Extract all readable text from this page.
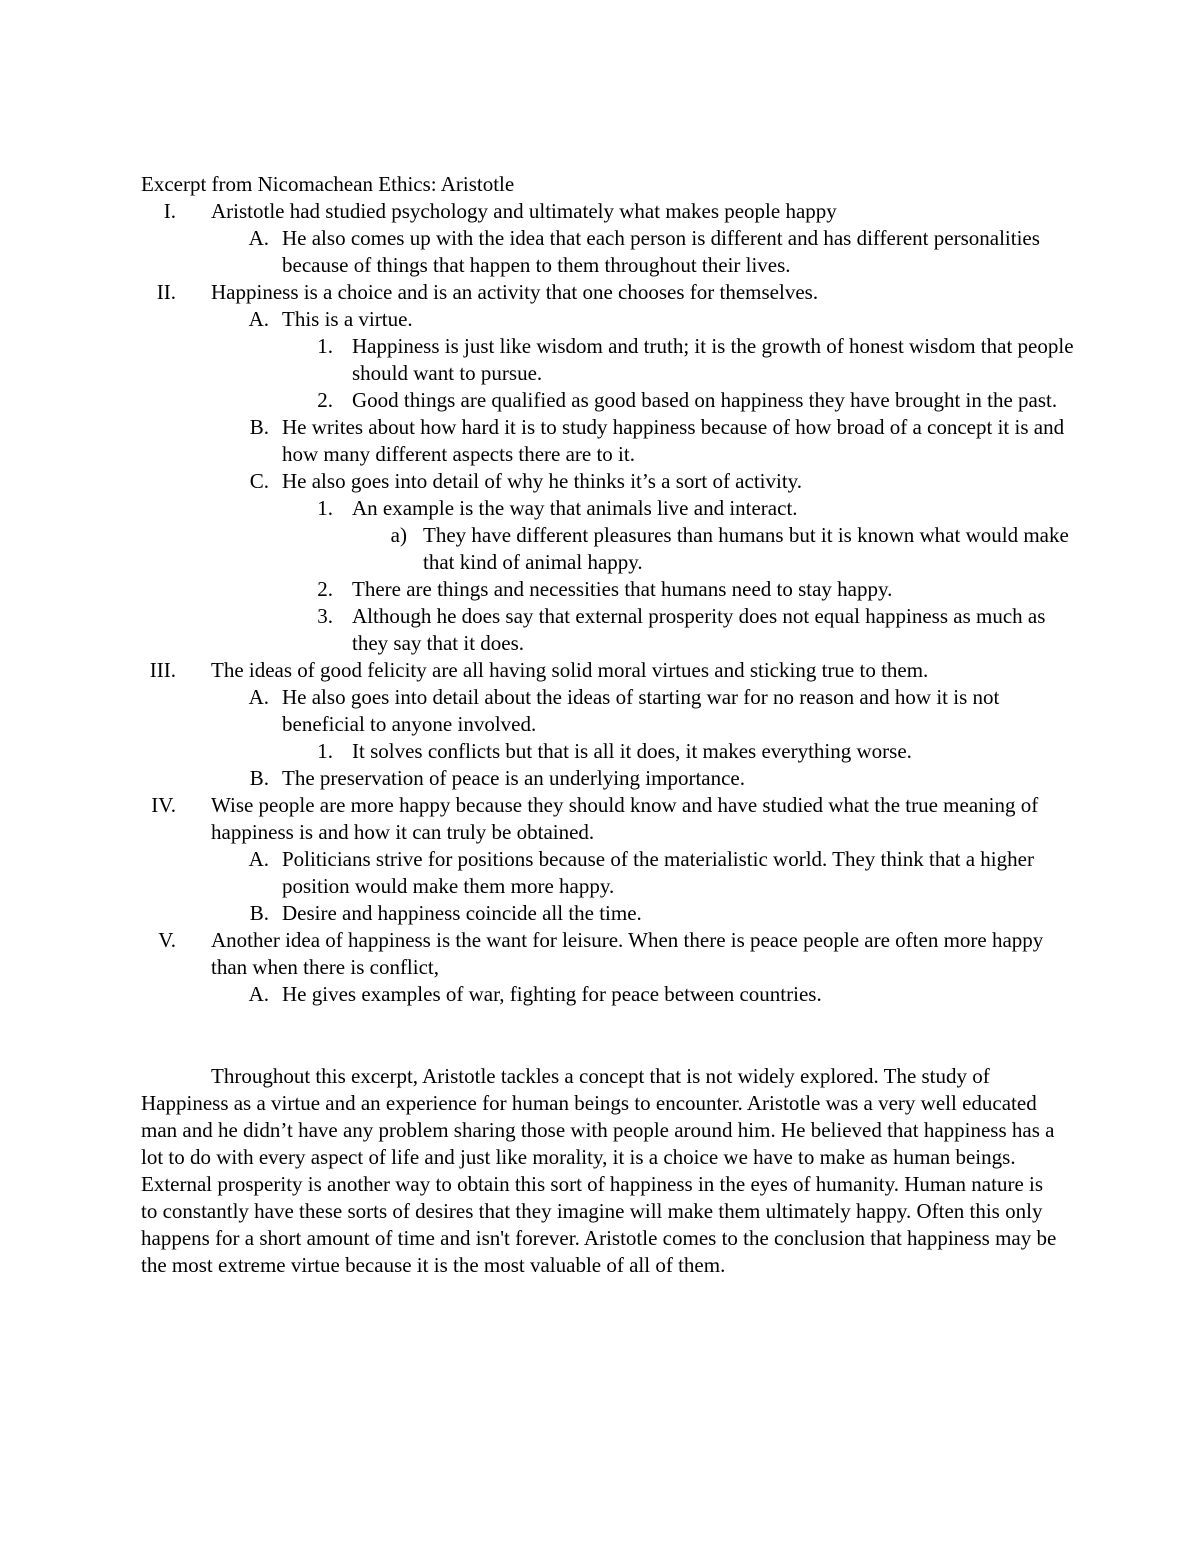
Excerpt from Nicomachean Ethics: Aristotle
I. Aristotle had studied psychology and ultimately what makes people happy
A. He also comes up with the idea that each person is different and has different personalities because of things that happen to them throughout their lives.
II. Happiness is a choice and is an activity that one chooses for themselves.
A. This is a virtue.
1. Happiness is just like wisdom and truth; it is the growth of honest wisdom that people should want to pursue.
2. Good things are qualified as good based on happiness they have brought in the past.
B. He writes about how hard it is to study happiness because of how broad of a concept it is and how many different aspects there are to it.
C. He also goes into detail of why he thinks it’s a sort of activity.
1. An example is the way that animals live and interact.
a) They have different pleasures than humans but it is known what would make that kind of animal happy.
2. There are things and necessities that humans need to stay happy.
3. Although he does say that external prosperity does not equal happiness as much as they say that it does.
III. The ideas of good felicity are all having solid moral virtues and sticking true to them.
A. He also goes into detail about the ideas of starting war for no reason and how it is not beneficial to anyone involved.
1. It solves conflicts but that is all it does, it makes everything worse.
B. The preservation of peace is an underlying importance.
IV. Wise people are more happy because they should know and have studied what the true meaning of happiness is and how it can truly be obtained.
A. Politicians strive for positions because of the materialistic world. They think that a higher position would make them more happy.
B. Desire and happiness coincide all the time.
V. Another idea of happiness is the want for leisure. When there is peace people are often more happy than when there is conflict,
A. He gives examples of war, fighting for peace between countries.

Throughout this excerpt, Aristotle tackles a concept that is not widely explored. The study of Happiness as a virtue and an experience for human beings to encounter. Aristotle was a very well educated man and he didn’t have any problem sharing those with people around him. He believed that happiness has a lot to do with every aspect of life and just like morality, it is a choice we have to make as human beings. External prosperity is another way to obtain this sort of happiness in the eyes of humanity. Human nature is to constantly have these sorts of desires that they imagine will make them ultimately happy. Often this only happens for a short amount of time and isn't forever. Aristotle comes to the conclusion that happiness may be the most extreme virtue because it is the most valuable of all of them.
